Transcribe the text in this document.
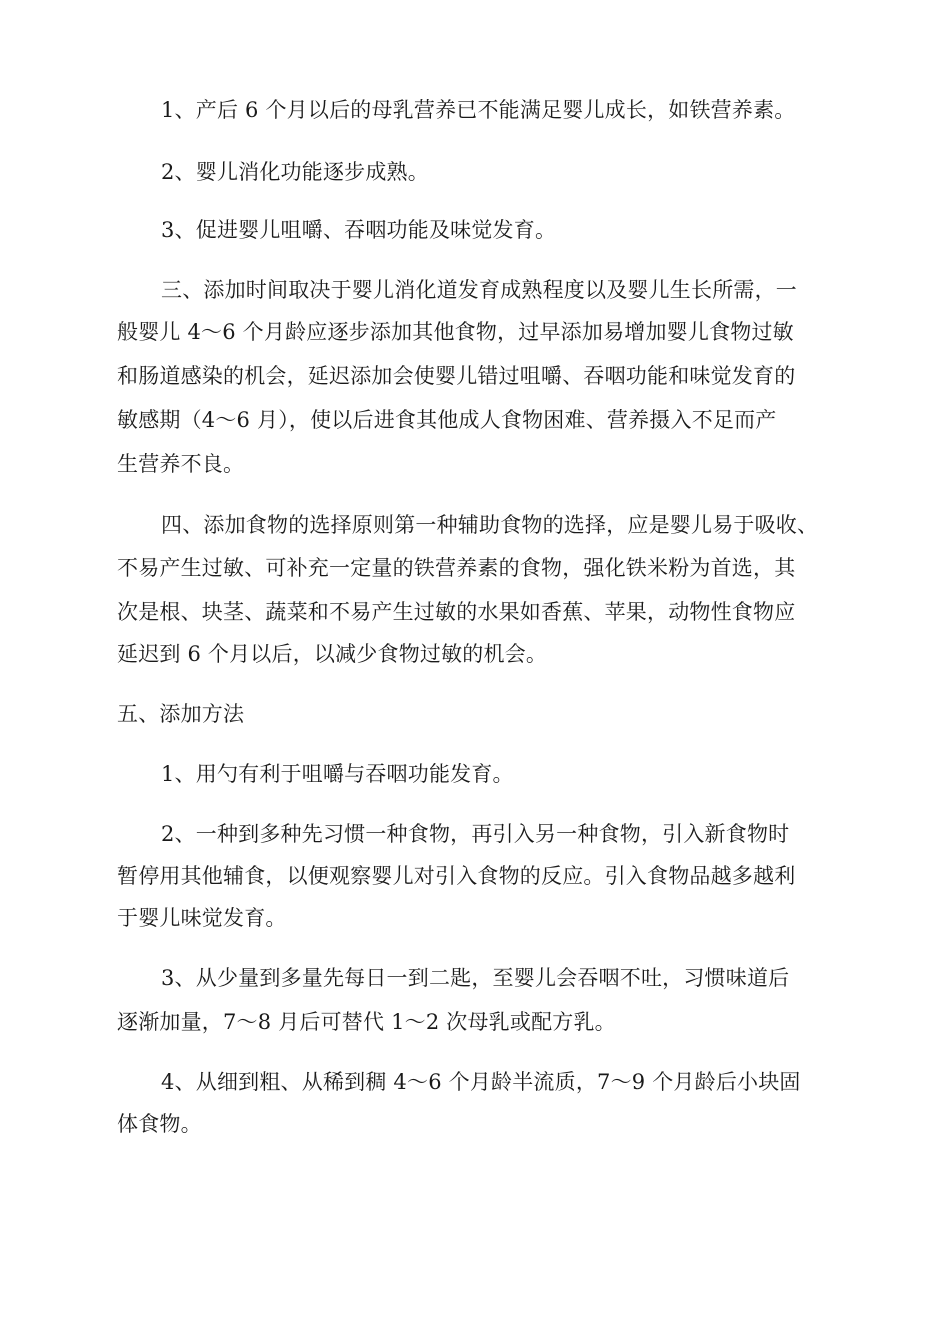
1、产后 6 个月以后的母乳营养已不能满足婴儿成长，如铁营养素。
2、婴儿消化功能逐步成熟。
3、促进婴儿咀嚼、吞咽功能及味觉发育。
三、添加时间取决于婴儿消化道发育成熟程度以及婴儿生长所需，一
般婴儿 4～6 个月龄应逐步添加其他食物，过早添加易增加婴儿食物过敏
和肠道感染的机会，延迟添加会使婴儿错过咀嚼、吞咽功能和味觉发育的
敏感期（4～6 月），使以后进食其他成人食物困难、营养摄入不足而产
生营养不良。
四、添加食物的选择原则第一种辅助食物的选择，应是婴儿易于吸收、
不易产生过敏、可补充一定量的铁营养素的食物，强化铁米粉为首选，其
次是根、块茎、蔬菜和不易产生过敏的水果如香蕉、苹果，动物性食物应
延迟到 6 个月以后，以减少食物过敏的机会。
五、添加方法
1、用勺有利于咀嚼与吞咽功能发育。
2、一种到多种先习惯一种食物，再引入另一种食物，引入新食物时
暂停用其他辅食，以便观察婴儿对引入食物的反应。引入食物品越多越利
于婴儿味觉发育。
3、从少量到多量先每日一到二匙，至婴儿会吞咽不吐，习惯味道后
逐渐加量，7～8 月后可替代 1～2 次母乳或配方乳。
4、从细到粗、从稀到稠 4～6 个月龄半流质，7～9 个月龄后小块固
体食物。
